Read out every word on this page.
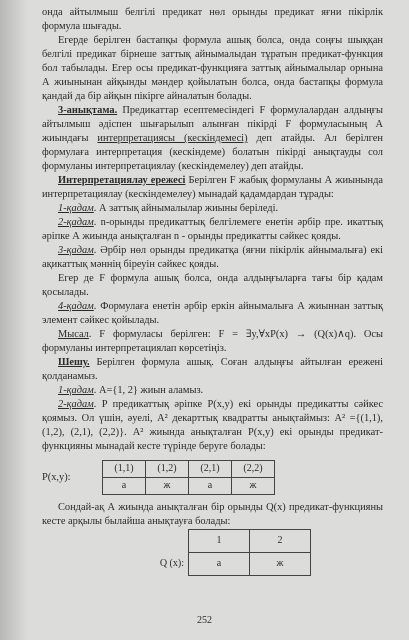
онда айтылмыш белгілі предикат нөл орынды предикат яғни пікірлік формула шығады.

Егерде берілген бастапқы формула ашық болса, онда соңғы шыққан белгілі предикат бірнеше заттық айнымалыдан тұратын предикат-функция бол табылады. Егер осы предикат-функцияға заттық айнымалылар орнына А жиынынан айқынды мәндер қойылатын болса, онда бастапқы формула қандай да бір айқын пікірге айналатын болады.

3-анықтама. Предикаттар есептемесіндегі F формулалардан алдыңғы айтылмыш әдіспен шығарылып алынған пікірді F формуласының А жиындағы интерпретациясы (кескіндемесі) деп атайды. Ал берілген формулаға интерпретация (кескіндеме) болатын пікірді анықтауды сол формуланы интерпретациялау (кескіндемелеу) деп атайды.

Интерпретациялау ережесі Берілген F жабық формуланы А жиынында интерпретациялау (кескіндемелеу) мынадай қадамдардан тұрады:

1-қадам. А заттық айнымалылар жиыны беріледі.

2-қадам. n-орынды предикаттық белгілемеге енетін әрбір пре. икаттық әріпке А жиында анықталған n - орынды предикатты сәйкес қояды.

3-қадам. Әрбір нөл орынды предикатқа (яғни пікірлік айнымалыға) екі ақикаттық мәннің біреуін сәйкес қояды.

Егер де F формула ашық болса, онда алдыңғыларға тағы бір қадам қосылады.

4-қадам. Формулаға енетін әрбір еркін айнымалыға А жиыннан заттық элемент сәйкес қойылады.

Мысал. F формуласы берілген: F = ∃y,∀xP(x) → (Q(x)∧q). Осы формуланы интерпретациялап көрсетіңіз.

Шешу. Берілген формула ашық. Соған алдыңғы айтылған ережені қолданамыз.

1-қадам. А={1, 2} жиын аламыз.

2-қадам. P предикаттық әріпке P(x,y) екі орынды предикатты сәйкес қоямыз. Ол үшін, әуелі, А² декарттық квадратты анықтаймыз: А² ={(1,1), (1,2), (2,1), (2,2)}. А² жиында анықталған P(x,y) екі орынды предикат-функцияны мынадай кесте түрінде беруге болады:

P(x,y):
(1,1)	(1,2)	(2,1)	(2,2)
а	ж	а	ж

Сондай-ақ А жиында анықталған бір орынды Q(x) предикат-функцияны кесте арқылы былайша анықтауға болады:

	1	2
Q (x):	а	ж
252
